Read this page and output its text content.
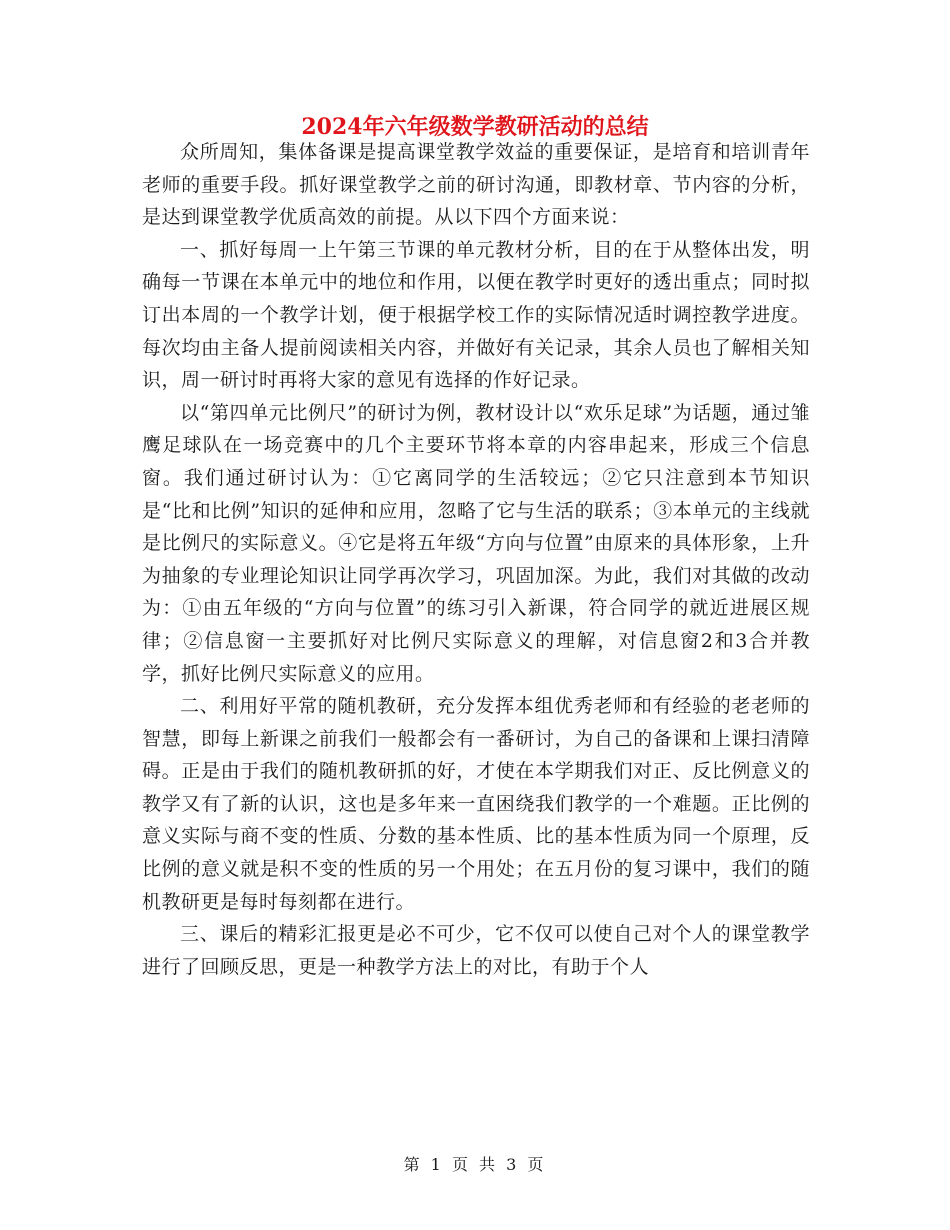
2024年六年级数学教研活动的总结

众所周知，集体备课是提高课堂教学效益的重要保证，是培育和培训青年老师的重要手段。抓好课堂教学之前的研讨沟通，即教材章、节内容的分析，是达到课堂教学优质高效的前提。从以下四个方面来说：

一、抓好每周一上午第三节课的单元教材分析，目的在于从整体出发，明确每一节课在本单元中的地位和作用，以便在教学时更好的透出重点；同时拟订出本周的一个教学计划，便于根据学校工作的实际情况适时调控教学进度。每次均由主备人提前阅读相关内容，并做好有关记录，其余人员也了解相关知识，周一研讨时再将大家的意见有选择的作好记录。

以“第四单元比例尺”的研讨为例，教材设计以“欢乐足球”为话题，通过雏鹰足球队在一场竞赛中的几个主要环节将本章的内容串起来，形成三个信息窗。我们通过研讨认为：①它离同学的生活较远；②它只注意到本节知识是“比和比例”知识的延伸和应用，忽略了它与生活的联系；③本单元的主线就是比例尺的实际意义。④它是将五年级“方向与位置”由原来的具体形象，上升为抽象的专业理论知识让同学再次学习，巩固加深。为此，我们对其做的改动为：①由五年级的“方向与位置”的练习引入新课，符合同学的就近进展区规律；②信息窗一主要抓好对比例尺实际意义的理解，对信息窗2和3合并教学，抓好比例尺实际意义的应用。

二、利用好平常的随机教研，充分发挥本组优秀老师和有经验的老老师的智慧，即每上新课之前我们一般都会有一番研讨，为自己的备课和上课扫清障碍。正是由于我们的随机教研抓的好，才使在本学期我们对正、反比例意义的教学又有了新的认识，这也是多年来一直困绕我们教学的一个难题。正比例的意义实际与商不变的性质、分数的基本性质、比的基本性质为同一个原理，反比例的意义就是积不变的性质的另一个用处；在五月份的复习课中，我们的随机教研更是每时每刻都在进行。

三、课后的精彩汇报更是必不可少，它不仅可以使自己对个人的课堂教学进行了回顾反思，更是一种教学方法上的对比，有助于个人

第 1 页 共 3 页
